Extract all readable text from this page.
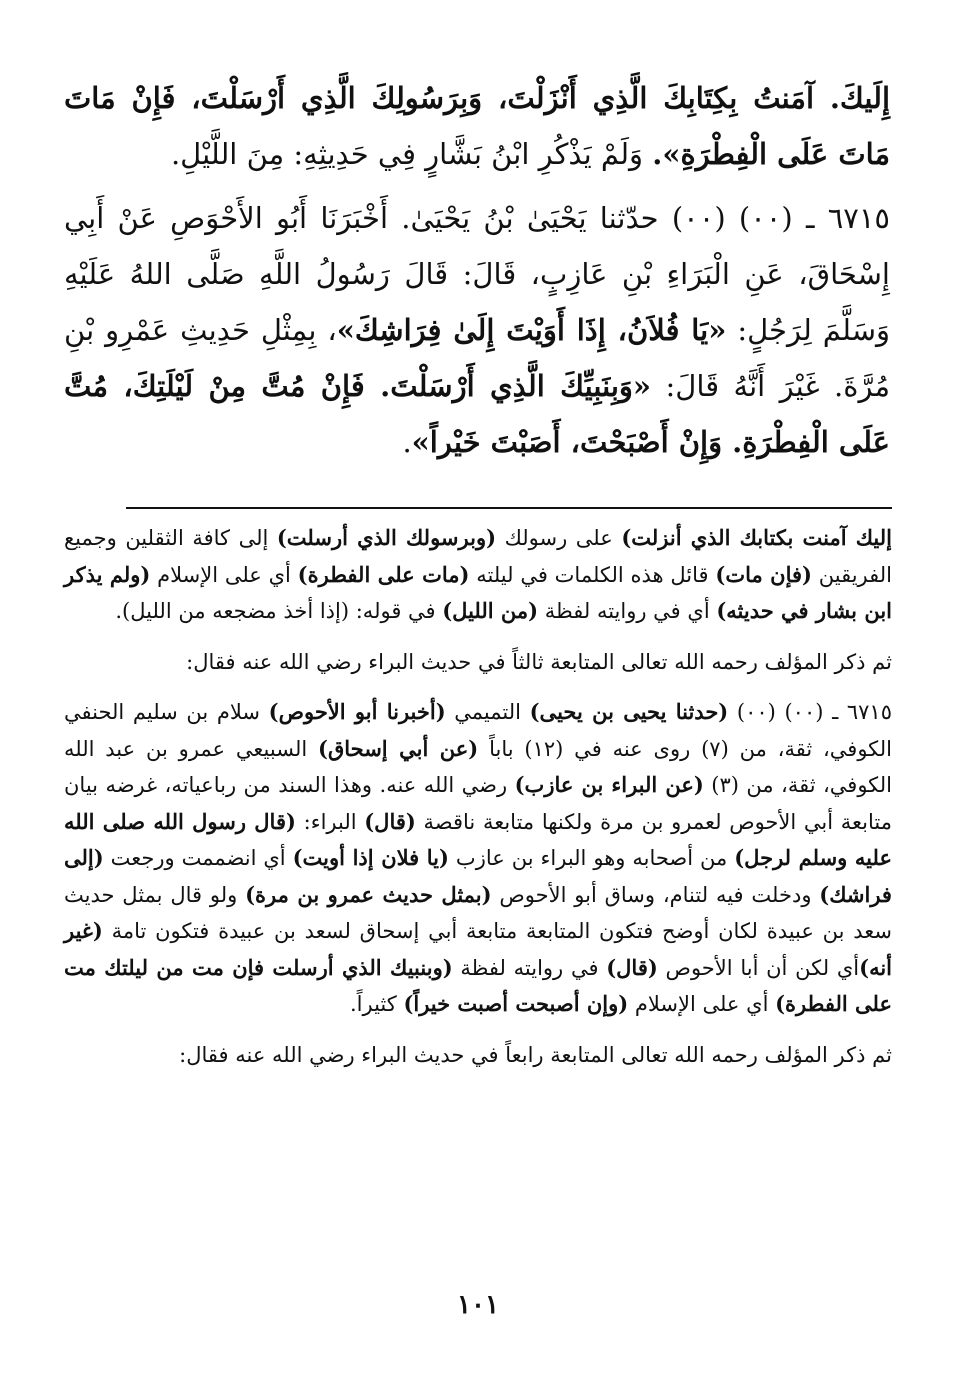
إِلَيكَ. آمَنتُ بِكِتَابِكَ الَّذِي أَنْزَلْتَ، وَبِرَسُولِكَ الَّذِي أَرْسَلْتَ، فَإِنْ مَاتَ مَاتَ عَلَى الْفِطْرَةِ». وَلَمْ يَذْكُرِ ابْنُ بَشَّارٍ فِي حَدِيثِهِ: مِنَ اللَّيْلِ.

٦٧١٥ ـ (٠٠) (٠٠) حدّثنا يَحْيَىٰ بْنُ يَحْيَىٰ. أَخْبَرَنَا أَبُو الأَحْوَصِ عَنْ أَبِي إِسْحَاقَ، عَنِ الْبَرَاءِ بْنِ عَازِبٍ، قَالَ: قَالَ رَسُولُ اللَّهِ صَلَّى اللهُ عَلَيْهِ وَسَلَّمَ لِرَجُلٍ: «يَا فُلاَنُ، إِذَا أَوَيْتَ إِلَىٰ فِرَاشِكَ»، بِمِثْلِ حَدِيثِ عَمْرِو بْنِ مُرَّةَ. غَيْرَ أَنَّهُ قَالَ: «وَبِنَبِيِّكَ الَّذِي أَرْسَلْتَ. فَإِنْ مُتَّ مِنْ لَيْلَتِكَ، مُتَّ عَلَى الْفِطْرَةِ. وَإِنْ أَصْبَحْتَ، أَصَبْتَ خَيْراً».

إليك آمنت بكتابك الذي أنزلت) على رسولك (وبرسولك الذي أرسلت) إلى كافة الثقلين وجميع الفريقين (فإن مات) قائل هذه الكلمات في ليلته (مات على الفطرة) أي على الإسلام (ولم يذكر ابن بشار في حديثه) أي في روايته لفظة (من الليل) في قوله: (إذا أخذ مضجعه من الليل).

ثم ذكر المؤلف رحمه الله تعالى المتابعة ثالثاً في حديث البراء رضي الله عنه فقال:

٦٧١٥ ـ (٠٠) (٠٠) (حدثنا يحيى بن يحيى) التميمي (أخبرنا أبو الأحوص) سلام بن سليم الحنفي الكوفي، ثقة، من (٧) روى عنه في (١٢) باباً (عن أبي إسحاق) السبيعي عمرو بن عبد الله الكوفي، ثقة، من (٣) (عن البراء بن عازب) رضي الله عنه. وهذا السند من رباعياته، غرضه بيان متابعة أبي الأحوص لعمرو بن مرة ولكنها متابعة ناقصة (قال) البراء: (قال رسول الله صلى الله عليه وسلم لرجل) من أصحابه وهو البراء بن عازب (يا فلان إذا أويت) أي انضممت ورجعت (إلى فراشك) ودخلت فيه لتنام، وساق أبو الأحوص (بمثل حديث عمرو بن مرة) ولو قال بمثل حديث سعد بن عبيدة لكان أوضح فتكون المتابعة متابعة أبي إسحاق لسعد بن عبيدة فتكون تامة (غير أنه)أي لكن أن أبا الأحوص (قال) في روايته لفظة (وبنبيك الذي أرسلت فإن مت من ليلتك مت على الفطرة) أي على الإسلام (وإن أصبحت أصبت خيراً) كثيراً.

ثم ذكر المؤلف رحمه الله تعالى المتابعة رابعاً في حديث البراء رضي الله عنه فقال:

١٠١
